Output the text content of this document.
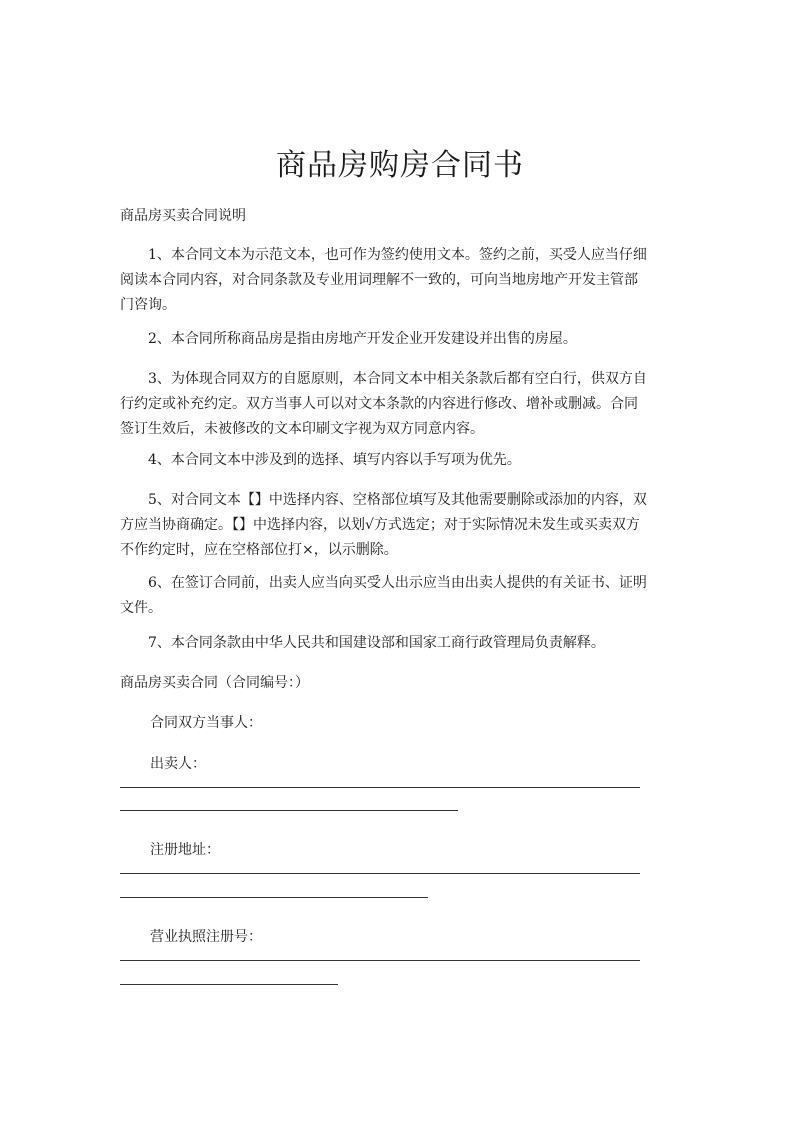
商品房购房合同书

商品房买卖合同说明

1、本合同文本为示范文本，也可作为签约使用文本。签约之前，买受人应当仔细阅读本合同内容，对合同条款及专业用词理解不一致的，可向当地房地产开发主管部门咨询。

2、本合同所称商品房是指由房地产开发企业开发建设并出售的房屋。

3、为体现合同双方的自愿原则，本合同文本中相关条款后都有空白行，供双方自行约定或补充约定。双方当事人可以对文本条款的内容进行修改、增补或删减。合同签订生效后，未被修改的文本印刷文字视为双方同意内容。

4、本合同文本中涉及到的选择、填写内容以手写项为优先。

5、对合同文本【】中选择内容、空格部位填写及其他需要删除或添加的内容，双方应当协商确定。【】中选择内容，以划√方式选定；对于实际情况未发生或买卖双方不作约定时，应在空格部位打×，以示删除。

6、在签订合同前，出卖人应当向买受人出示应当由出卖人提供的有关证书、证明文件。

7、本合同条款由中华人民共和国建设部和国家工商行政管理局负责解释。

商品房买卖合同（合同编号：）

合同双方当事人：
出卖人：
注册地址：
营业执照注册号：
